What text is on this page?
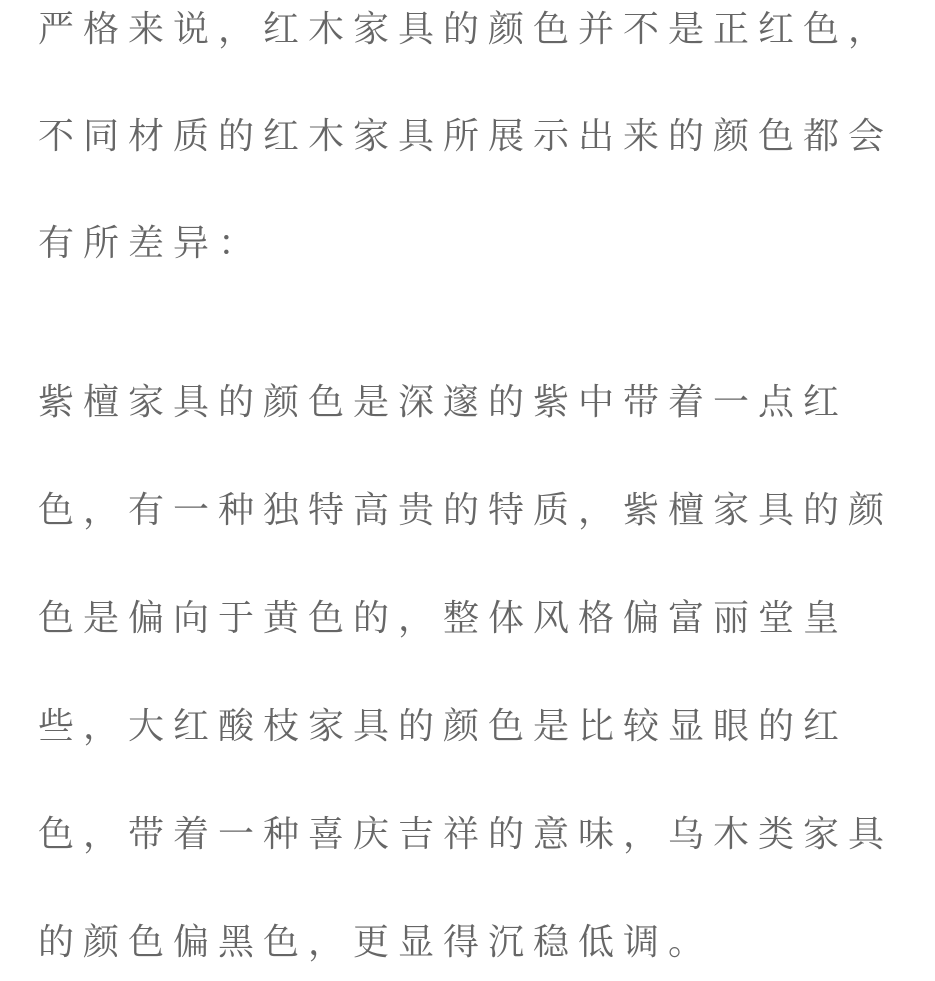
严格来说，红木家具的颜色并不是正红色，
不同材质的红木家具所展示出来的颜色都会
有所差异：
紫檀家具的颜色是深邃的紫中带着一点红
色，有一种独特高贵的特质，紫檀家具的颜
色是偏向于黄色的，整体风格偏富丽堂皇
些，大红酸枝家具的颜色是比较显眼的红
色，带着一种喜庆吉祥的意味，乌木类家具
的颜色偏黑色，更显得沉稳低调。
